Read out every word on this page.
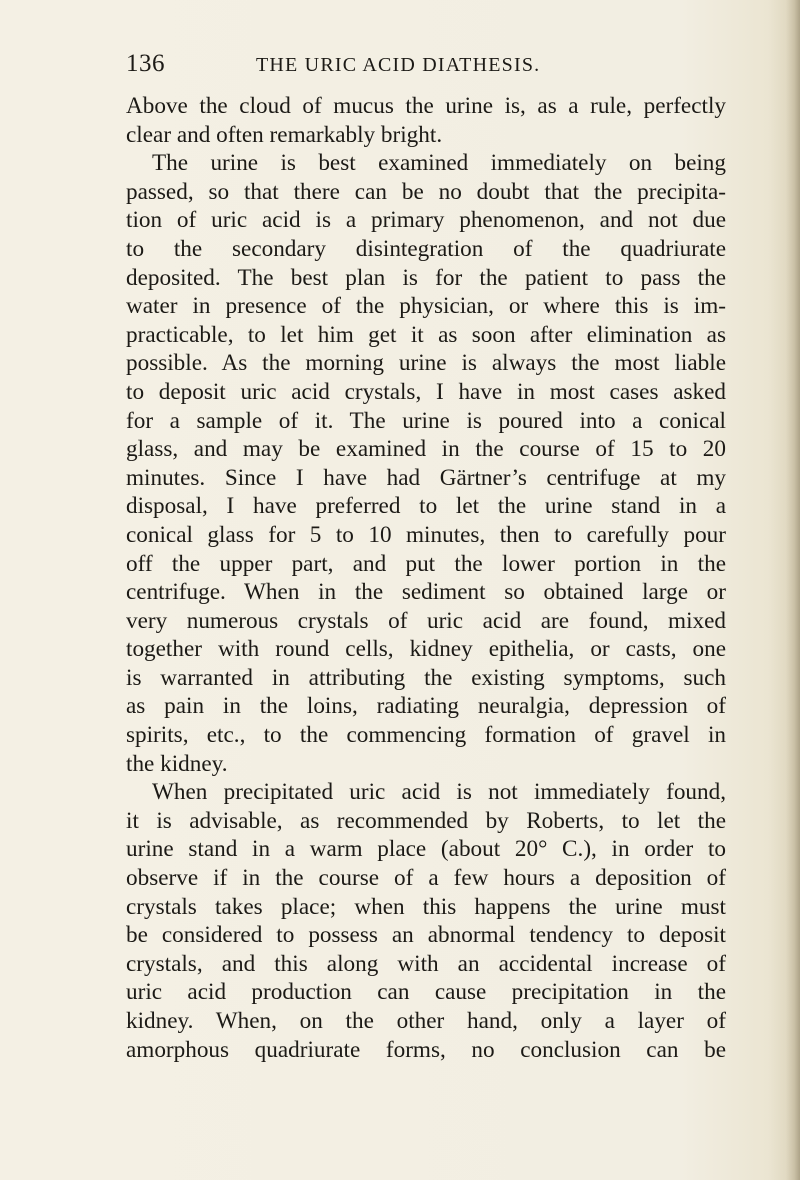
136	THE URIC ACID DIATHESIS.
Above the cloud of mucus the urine is, as a rule, perfectly
clear and often remarkably bright.
The urine is best examined immediately on being
passed, so that there can be no doubt that the precipita-
tion of uric acid is a primary phenomenon, and not due
to the secondary disintegration of the quadriurate
deposited. The best plan is for the patient to pass the
water in presence of the physician, or where this is im-
practicable, to let him get it as soon after elimination as
possible. As the morning urine is always the most liable
to deposit uric acid crystals, I have in most cases asked
for a sample of it. The urine is poured into a conical
glass, and may be examined in the course of 15 to 20
minutes. Since I have had Gärtner’s centrifuge at my
disposal, I have preferred to let the urine stand in a
conical glass for 5 to 10 minutes, then to carefully pour
off the upper part, and put the lower portion in the
centrifuge. When in the sediment so obtained large or
very numerous crystals of uric acid are found, mixed
together with round cells, kidney epithelia, or casts, one
is warranted in attributing the existing symptoms, such
as pain in the loins, radiating neuralgia, depression of
spirits, etc., to the commencing formation of gravel in
the kidney.
When precipitated uric acid is not immediately found,
it is advisable, as recommended by Roberts, to let the
urine stand in a warm place (about 20° C.), in order to
observe if in the course of a few hours a deposition of
crystals takes place; when this happens the urine must
be considered to possess an abnormal tendency to deposit
crystals, and this along with an accidental increase of
uric acid production can cause precipitation in the
kidney. When, on the other hand, only a layer of
amorphous quadriurate forms, no conclusion can be
